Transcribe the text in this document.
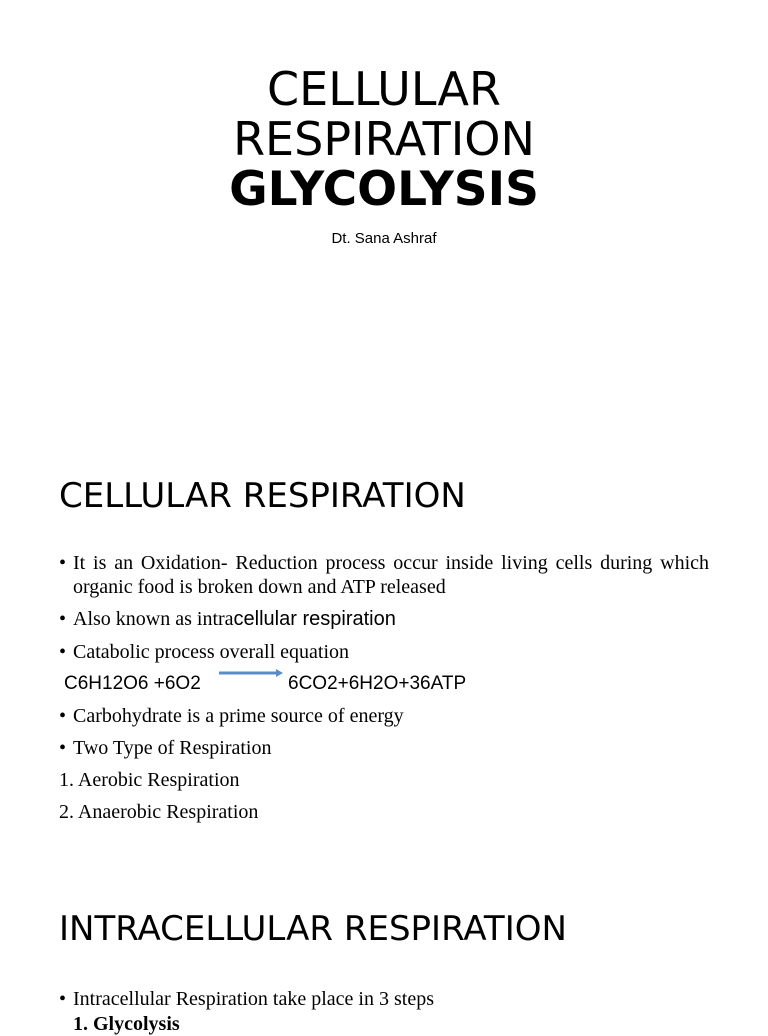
CELLULAR
RESPIRATION
GLYCOLYSIS
Dt. Sana Ashraf
CELLULAR RESPIRATION
• It is an Oxidation- Reduction process occur inside living cells during which organic food is broken down and ATP released
• Also known as intracellular respiration
• Catabolic process overall equation
C6H12O6 +6O2	6CO2+6H2O+36ATP
• Carbohydrate is a prime source of energy
• Two Type of Respiration
1. Aerobic Respiration
2. Anaerobic Respiration
INTRACELLULAR RESPIRATION
• Intracellular Respiration take place in 3 steps
1. Glycolysis
